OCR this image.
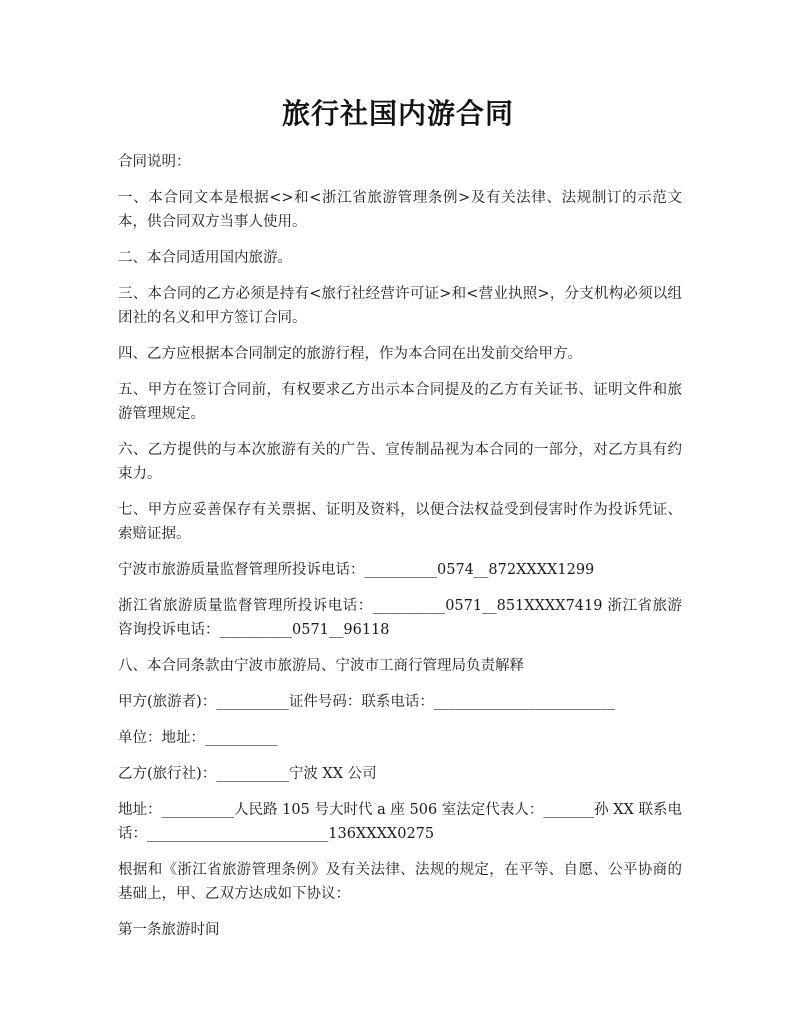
旅行社国内游合同

合同说明：

一、本合同文本是根据<>和<浙江省旅游管理条例>及有关法律、法规制订的示范文本，供合同双方当事人使用。

二、本合同适用国内旅游。

三、本合同的乙方必须是持有<旅行社经营许可证>和<营业执照>，分支机构必须以组团社的名义和甲方签订合同。

四、乙方应根据本合同制定的旅游行程，作为本合同在出发前交给甲方。

五、甲方在签订合同前，有权要求乙方出示本合同提及的乙方有关证书、证明文件和旅游管理规定。

六、乙方提供的与本次旅游有关的广告、宣传制品视为本合同的一部分，对乙方具有约束力。

七、甲方应妥善保存有关票据、证明及资料，以便合法权益受到侵害时作为投诉凭证、索赔证据。

宁波市旅游质量监督管理所投诉电话：__________0574__872XXXX1299

浙江省旅游质量监督管理所投诉电话：__________0571__851XXXX7419 浙江省旅游咨询投诉电话：__________0571__96118

八、本合同条款由宁波市旅游局、宁波市工商行管理局负责解释

甲方(旅游者)：__________证件号码：联系电话：_________________________

单位：地址：__________

乙方(旅行社)：__________宁波 XX 公司

地址：__________人民路 105 号大时代 a 座 506 室法定代表人：_______孙 XX 联系电话：_________________________136XXXX0275

根据和《浙江省旅游管理条例》及有关法律、法规的规定，在平等、自愿、公平协商的基础上，甲、乙双方达成如下协议：

第一条旅游时间
